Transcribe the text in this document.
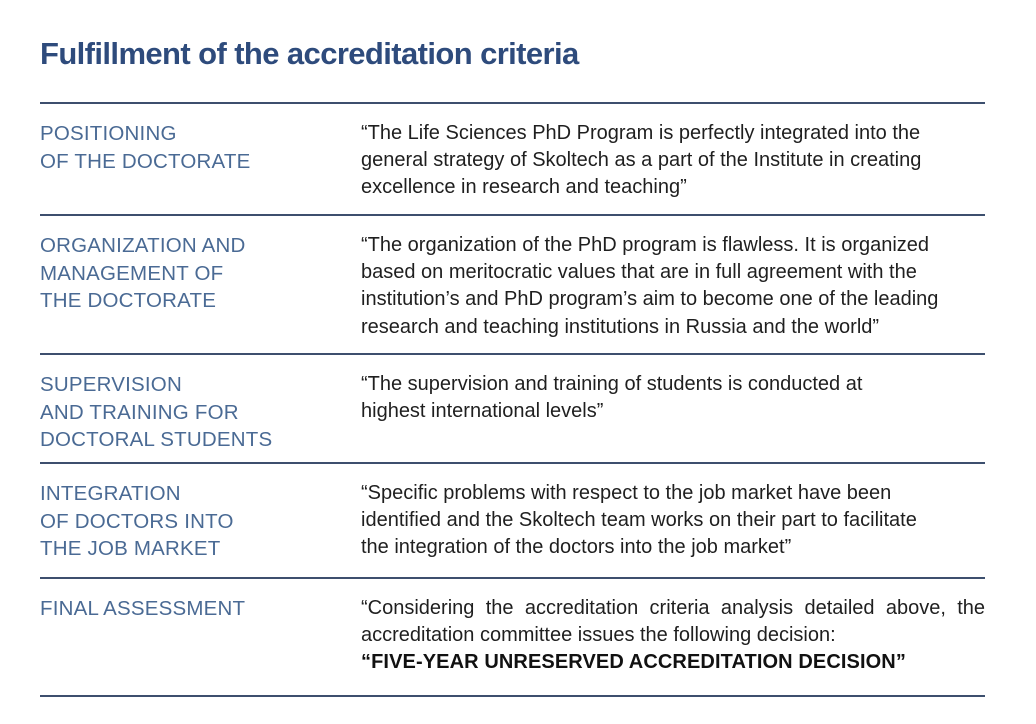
Fulfillment of the accreditation criteria
POSITIONING
OF THE DOCTORATE
“The Life Sciences PhD Program is perfectly integrated into the
general strategy of Skoltech as a part of the Institute in creating
excellence in research and teaching”
ORGANIZATION AND
MANAGEMENT OF
THE DOCTORATE
“The organization of the PhD program is flawless. It is organized
based on meritocratic values that are in full agreement with the
institution’s and PhD program’s aim to become one of the leading
research and teaching institutions in Russia and the world”
SUPERVISION
AND TRAINING FOR
DOCTORAL STUDENTS
“The supervision and training of students is conducted at
highest international levels”
INTEGRATION
OF DOCTORS INTO
THE JOB MARKET
“Specific problems with respect to the job market have been
identified and the Skoltech team works on their part to facilitate
the integration of the doctors into the job market”
FINAL ASSESSMENT	“Considering the accreditation criteria analysis detailed above, the accreditation committee issues the following decision:
“FIVE-YEAR UNRESERVED ACCREDITATION DECISION”
